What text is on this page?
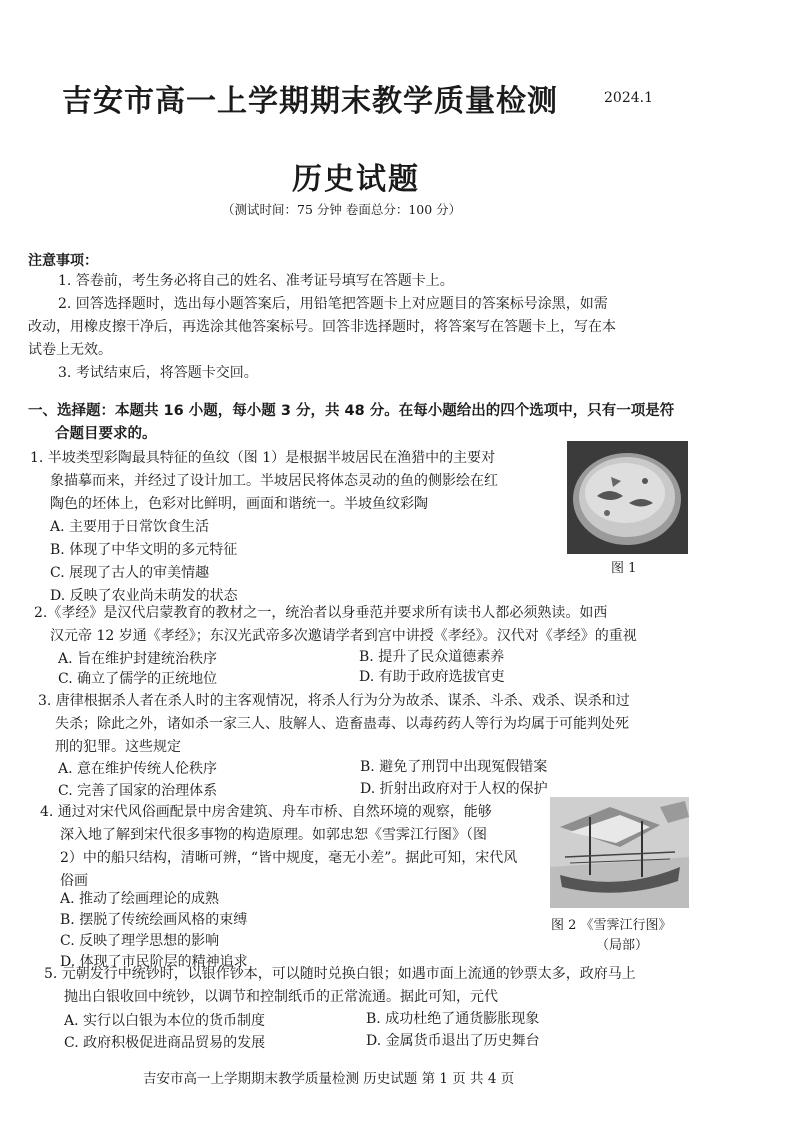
吉安市高一上学期期末教学质量检测	2024.1
历史试题
（测试时间：75 分钟 卷面总分：100 分）
注意事项：
1. 答卷前，考生务必将自己的姓名、准考证号填写在答题卡上。
2. 回答选择题时，选出每小题答案后，用铅笔把答题卡上对应题目的答案标号涂黑，如需
改动，用橡皮擦干净后，再选涂其他答案标号。回答非选择题时，将答案写在答题卡上，写在本
试卷上无效。
3. 考试结束后，将答题卡交回。
一、选择题：本题共 16 小题，每小题 3 分，共 48 分。在每小题给出的四个选项中，只有一项是符
合题目要求的。
1. 半坡类型彩陶最具特征的鱼纹（图 1）是根据半坡居民在渔猎中的主要对
象描摹而来，并经过了设计加工。半坡居民将体态灵动的鱼的侧影绘在红
陶色的坯体上，色彩对比鲜明，画面和谐统一。半坡鱼纹彩陶
A. 主要用于日常饮食生活
B. 体现了中华文明的多元特征
C. 展现了古人的审美情趣
D. 反映了农业尚未萌发的状态
图 1
2.《孝经》是汉代启蒙教育的教材之一，统治者以身垂范并要求所有读书人都必须熟读。如西
汉元帝 12 岁通《孝经》；东汉光武帝多次邀请学者到宫中讲授《孝经》。汉代对《孝经》的重视
A. 旨在维护封建统治秩序	B. 提升了民众道德素养
C. 确立了儒学的正统地位	D. 有助于政府选拔官吏
3. 唐律根据杀人者在杀人时的主客观情况，将杀人行为分为故杀、谋杀、斗杀、戏杀、误杀和过
失杀；除此之外，诸如杀一家三人、肢解人、造畜蛊毒、以毒药药人等行为均属于可能判处死
刑的犯罪。这些规定
A. 意在维护传统人伦秩序	B. 避免了刑罚中出现冤假错案
C. 完善了国家的治理体系	D. 折射出政府对于人权的保护
4. 通过对宋代风俗画配景中房舍建筑、舟车市桥、自然环境的观察，能够
深入地了解到宋代很多事物的构造原理。如郭忠恕《雪霁江行图》（图
2）中的船只结构，清晰可辨，“皆中规度，毫无小差”。据此可知，宋代风
俗画
A. 推动了绘画理论的成熟
B. 摆脱了传统绘画风格的束缚
C. 反映了理学思想的影响
D. 体现了市民阶层的精神追求
图 2 《雪霁江行图》
（局部）
5. 元朝发行中统钞时，以银作钞本，可以随时兑换白银；如遇市面上流通的钞票太多，政府马上
抛出白银收回中统钞，以调节和控制纸币的正常流通。据此可知，元代
A. 实行以白银为本位的货币制度	B. 成功杜绝了通货膨胀现象
C. 政府积极促进商品贸易的发展	D. 金属货币退出了历史舞台
吉安市高一上学期期末教学质量检测 历史试题 第 1 页 共 4 页
